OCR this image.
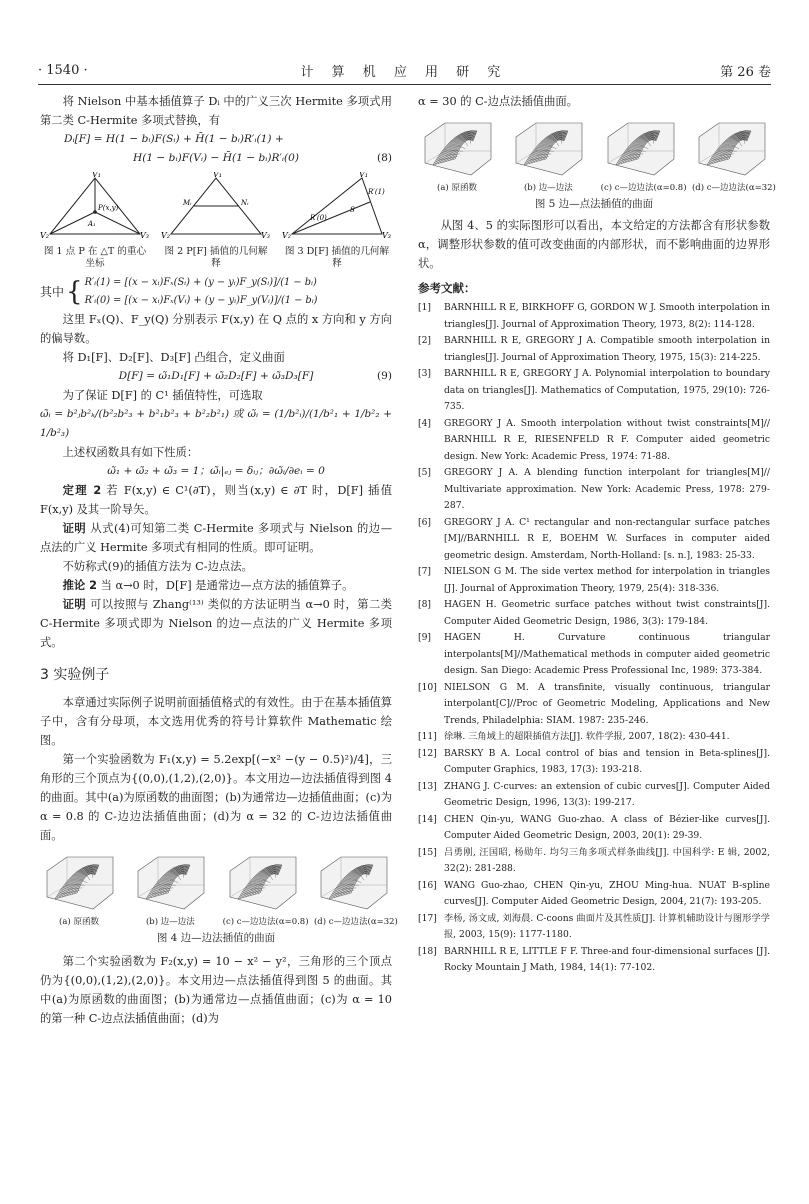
· 1540 ·	计 算 机 应 用 研 究	第 26 卷

将 Nielson 中基本插值算子 Dᵢ 中的广义三次 Hermite 多项式用第二类 C-Hermite 多项式替换，有

Dᵢ[F] = H(1 − bᵢ)F(Sᵢ) + H̄(1 − bᵢ)R′ᵢ(1) +
H(1 − bᵢ)F(Vᵢ) − H̄(1 − bᵢ)R′ᵢ(0)	(8)
V₁
V₂	V₃
P(x,y)
A₁
图 1 点 P 在 △T 的重心坐标
V₁
V₂	V₃
Mᵢ	Nᵢ
图 2 P[F] 插值的几何解释
V₁
V₂	V₃
R′(1)
R′(0)
S
图 3 D[F] 插值的几何解释
其中 { R′ᵢ(1) = [(x − xᵢ)Fₓ(Sᵢ) + (y − yᵢ)F_y(Sᵢ)]/(1 − bᵢ)
R′ᵢ(0) = [(x − xᵢ)Fₓ(Vᵢ) + (y − yᵢ)F_y(Vᵢ)]/(1 − bᵢ)

这里 Fₓ(Q)、F_y(Q) 分别表示 F(x,y) 在 Q 点的 x 方向和 y 方向的偏导数。

将 D₁[F]、D₂[F]、D₃[F] 凸组合，定义曲面

D[F] = ω̃₁D₁[F] + ω̃₂D₂[F] + ω̃₃D₃[F]	(9)

为了保证 D[F] 的 C¹ 插值特性，可选取

ω̃ᵢ = b²ⱼb²ₖ/(b²₂b²₃ + b²₁b²₃ + b²₂b²₁) 或 ω̃ᵢ = (1/b²ᵢ)/(1/b²₁ + 1/b²₂ + 1/b²₃)

上述权函数具有如下性质：

ω̃₁ + ω̃₂ + ω̃₃ = 1；ω̃ᵢ|ₑⱼ = δᵢⱼ；∂ω̃ᵢ/∂eᵢ = 0

定理 2 若 F(x,y) ∈ C¹(∂T)，则当(x,y) ∈ ∂T 时，D[F] 插值 F(x,y) 及其一阶导矢。

证明 从式(4)可知第二类 C-Hermite 多项式与 Nielson 的边—点法的广义 Hermite 多项式有相同的性质。即可证明。

不妨称式(9)的插值方法为 C-边点法。

推论 2 当 α→0 时，D[F] 是通常边—点方法的插值算子。

证明 可以按照与 Zhang⁽¹³⁾ 类似的方法证明当 α→0 时，第二类 C-Hermite 多项式即为 Nielson 的边—点法的广义 Hermite 多项式。

3 实验例子

本章通过实际例子说明前面插值格式的有效性。由于在基本插值算子中，含有分母项，本文选用优秀的符号计算软件 Mathematic 绘图。

第一个实验函数为 F₁(x,y) = 5.2exp[(−x² −(y − 0.5)²)/4]，三角形的三个顶点为{(0,0),(1,2),(2,0)}。本文用边—边法插值得到图 4 的曲面。其中(a)为原函数的曲面图；(b)为通常边—边插值曲面；(c)为 α = 0.8 的 C-边边法插值曲面；(d)为 α = 32 的 C-边边法插值曲面。

(a) 原函数	(b) 边—边法	(c) c—边边法(α=0.8) (d) c—边边法(α=32)
图 4 边—边法插值的曲面

第二个实验函数为 F₂(x,y) = 10 − x² − y²，三角形的三个顶点仍为{(0,0),(1,2),(2,0)}。本文用边—点法插值得到图 5 的曲面。其中(a)为原函数的曲面图；(b)为通常边—点插值曲面；(c)为 α = 10 的第一种 C-边点法插值曲面；(d)为

α = 30 的 C-边点法插值曲面。

(a) 原函数	(b) 边—边法	(c) c—边边法(α=0.8) (d) c—边边法(α=32)
图 5 边—点法插值的曲面

从图 4、5 的实际图形可以看出，本文给定的方法都含有形状参数 α，调整形状参数的值可改变曲面的内部形状，而不影响曲面的边界形状。

参考文献：
[1]	BARNHILL R E, BIRKHOFF G, GORDON W J. Smooth interpolation in triangles[J]. Journal of Approximation Theory, 1973, 8(2): 114-128.
[2]	BARNHILL R E, GREGORY J A. Compatible smooth interpolation in triangles[J]. Journal of Approximation Theory, 1975, 15(3): 214-225.
[3]	BARNHILL R E, GREGORY J A. Polynomial interpolation to boundary data on triangles[J]. Mathematics of Computation, 1975, 29(10): 726-735.
[4]	GREGORY J A. Smooth interpolation without twist constraints[M]// BARNHILL R E, RIESENFELD R F. Computer aided geometric design. New York: Academic Press, 1974: 71-88.
[5]	GREGORY J A. A blending function interpolant for triangles[M]// Multivariate approximation. New York: Academic Press, 1978: 279-287.
[6]	GREGORY J A. C¹ rectangular and non-rectangular surface patches [M]//BARNHILL R E, BOEHM W. Surfaces in computer aided geometric design. Amsterdam, North-Holland: [s. n.], 1983: 25-33.
[7]	NIELSON G M. The side vertex method for interpolation in triangles [J]. Journal of Approximation Theory, 1979, 25(4): 318-336.
[8]	HAGEN H. Geometric surface patches without twist constraints[J]. Computer Aided Geometric Design, 1986, 3(3): 179-184.
[9]	HAGEN H. Curvature continuous triangular interpolants[M]//Mathematical methods in computer aided geometric design. San Diego: Academic Press Professional Inc, 1989: 373-384.
[10] NIELSON G M. A transfinite, visually continuous, triangular interpolant[C]//Proc of Geometric Modeling, Applications and New Trends, Philadelphia: SIAM. 1987: 235-246.
[11] 徐琳. 三角域上的超限插值方法[J]. 软件学报, 2007, 18(2): 430-441.
[12] BARSKY B A. Local control of bias and tension in Beta-splines[J]. Computer Graphics, 1983, 17(3): 193-218.
[13] ZHANG J. C-curves: an extension of cubic curves[J]. Computer Aided Geometric Design, 1996, 13(3): 199-217.
[14] CHEN Qin-yu, WANG Guo-zhao. A class of Bézier-like curves[J]. Computer Aided Geometric Design, 2003, 20(1): 29-39.
[15] 吕勇刚, 汪国昭, 杨勋年. 均匀三角多项式样条曲线[J]. 中国科学: E 辑, 2002, 32(2): 281-288.
[16] WANG Guo-zhao, CHEN Qin-yu, ZHOU Ming-hua. NUAT B-spline curves[J]. Computer Aided Geometric Design, 2004, 21(7): 193-205.
[17] 李杨, 汤文成, 刘海晨. C-coons 曲面片及其性质[J]. 计算机辅助设计与图形学学报, 2003, 15(9): 1177-1180.
[18] BARNHILL R E, LITTLE F F. Three-and four-dimensional surfaces [J]. Rocky Mountain J Math, 1984, 14(1): 77-102.
